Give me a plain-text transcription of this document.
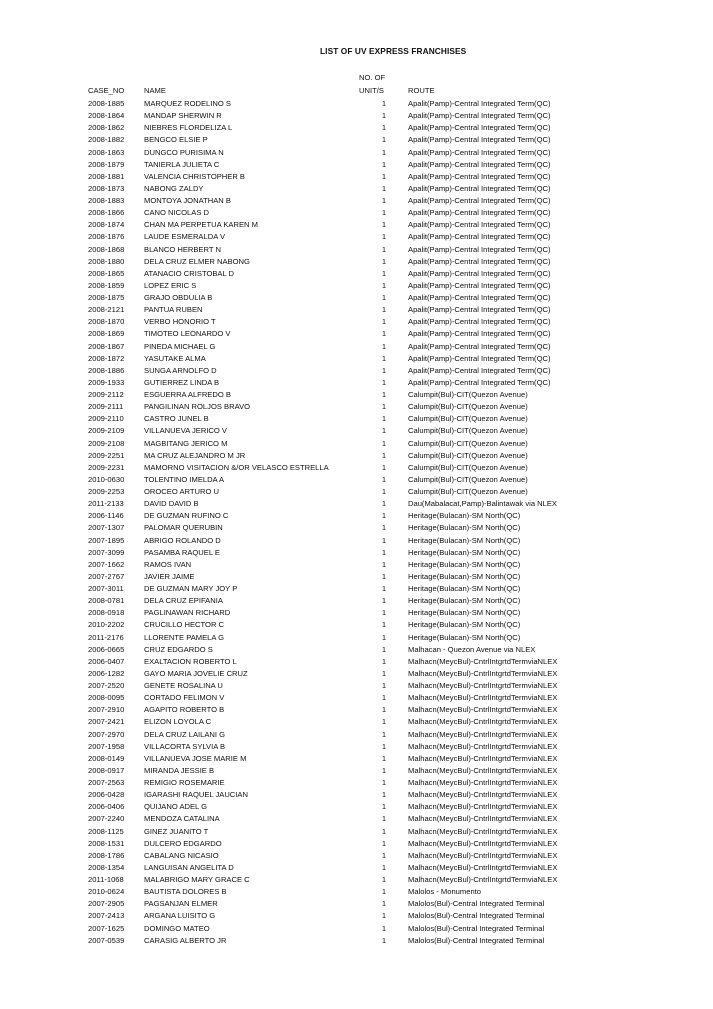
LIST OF UV EXPRESS FRANCHISES
NO. OF
CASE_NO	NAME	UNIT/S	ROUTE
2008-1885	MARQUEZ RODELINO S	1	Apalit(Pamp)-Central Integrated Term(QC)
2008-1864	MANDAP SHERWIN R	1	Apalit(Pamp)-Central Integrated Term(QC)
2008-1862	NIEBRES FLORDELIZA L	1	Apalit(Pamp)-Central Integrated Term(QC)
2008-1882	BENGCO ELSIE P	1	Apalit(Pamp)-Central Integrated Term(QC)
2008-1863	DUNGCO PURISIMA N	1	Apalit(Pamp)-Central Integrated Term(QC)
2008-1879	TANIERLA JULIETA C	1	Apalit(Pamp)-Central Integrated Term(QC)
2008-1881	VALENCIA CHRISTOPHER B	1	Apalit(Pamp)-Central Integrated Term(QC)
2008-1873	NABONG ZALDY	1	Apalit(Pamp)-Central Integrated Term(QC)
2008-1883	MONTOYA JONATHAN B	1	Apalit(Pamp)-Central Integrated Term(QC)
2008-1866	CANO NICOLAS D	1	Apalit(Pamp)-Central Integrated Term(QC)
2008-1874	CHAN MA PERPETUA KAREN M	1	Apalit(Pamp)-Central Integrated Term(QC)
2008-1876	LAUDE ESMERALDA V	1	Apalit(Pamp)-Central Integrated Term(QC)
2008-1868	BLANCO HERBERT N	1	Apalit(Pamp)-Central Integrated Term(QC)
2008-1880	DELA CRUZ ELMER NABONG	1	Apalit(Pamp)-Central Integrated Term(QC)
2008-1865	ATANACIO CRISTOBAL D	1	Apalit(Pamp)-Central Integrated Term(QC)
2008-1859	LOPEZ ERIC S	1	Apalit(Pamp)-Central Integrated Term(QC)
2008-1875	GRAJO OBDULIA B	1	Apalit(Pamp)-Central Integrated Term(QC)
2008-2121	PANTUA RUBEN	1	Apalit(Pamp)-Central Integrated Term(QC)
2008-1870	VERBO HONORIO T	1	Apalit(Pamp)-Central Integrated Term(QC)
2008-1869	TIMOTEO LEONARDO V	1	Apalit(Pamp)-Central Integrated Term(QC)
2008-1867	PINEDA MICHAEL G	1	Apalit(Pamp)-Central Integrated Term(QC)
2008-1872	YASUTAKE ALMA	1	Apalit(Pamp)-Central Integrated Term(QC)
2008-1886	SUNGA ARNOLFO D	1	Apalit(Pamp)-Central Integrated Term(QC)
2009-1933	GUTIERREZ LINDA B	1	Apalit(Pamp)-Central Integrated Term(QC)
2009-2112	ESGUERRA ALFREDO B	1	Calumpit(Bul)-CIT(Quezon Avenue)
2009-2111	PANGILINAN ROLJOS BRAVO	1	Calumpit(Bul)-CIT(Quezon Avenue)
2009-2110	CASTRO JUNEL B	1	Calumpit(Bul)-CIT(Quezon Avenue)
2009-2109	VILLANUEVA JERICO V	1	Calumpit(Bul)-CIT(Quezon Avenue)
2009-2108	MAGBITANG JERICO M	1	Calumpit(Bul)-CIT(Quezon Avenue)
2009-2251	MA CRUZ ALEJANDRO M JR	1	Calumpit(Bul)-CIT(Quezon Avenue)
2009-2231	MAMORNO VISITACION &/OR VELASCO ESTRELLA	1	Calumpit(Bul)-CIT(Quezon Avenue)
2010-0630	TOLENTINO IMELDA A	1	Calumpit(Bul)-CIT(Quezon Avenue)
2009-2253	OROCEO ARTURO U	1	Calumpit(Bul)-CIT(Quezon Avenue)
2011-2133	DAVID DAVID B	1	Dau(Mabalacat,Pamp)-Balintawak via NLEX
2006-1146	DE GUZMAN RUFINO C	1	Heritage(Bulacan)-SM North(QC)
2007-1307	PALOMAR QUERUBIN	1	Heritage(Bulacan)-SM North(QC)
2007-1895	ABRIGO ROLANDO D	1	Heritage(Bulacan)-SM North(QC)
2007-3099	PASAMBA RAQUEL E	1	Heritage(Bulacan)-SM North(QC)
2007-1662	RAMOS IVAN	1	Heritage(Bulacan)-SM North(QC)
2007-2767	JAVIER JAIME	1	Heritage(Bulacan)-SM North(QC)
2007-3011	DE GUZMAN MARY JOY P	1	Heritage(Bulacan)-SM North(QC)
2008-0781	DELA CRUZ EPIFANIA	1	Heritage(Bulacan)-SM North(QC)
2008-0918	PAGLINAWAN RICHARD	1	Heritage(Bulacan)-SM North(QC)
2010-2202	CRUCILLO HECTOR C	1	Heritage(Bulacan)-SM North(QC)
2011-2176	LLORENTE PAMELA G	1	Heritage(Bulacan)-SM North(QC)
2006-0665	CRUZ EDGARDO S	1	Malhacan - Quezon Avenue via NLEX
2006-0407	EXALTACION ROBERTO L	1	Malhacn(MeycBul)-CntrlIntgrtdTermviaNLEX
2006-1282	GAYO MARIA JOVELIE CRUZ	1	Malhacn(MeycBul)-CntrlIntgrtdTermviaNLEX
2007-2520	GENETE ROSALINA U	1	Malhacn(MeycBul)-CntrlIntgrtdTermviaNLEX
2008-0095	CORTADO FELIMON V	1	Malhacn(MeycBul)-CntrlIntgrtdTermviaNLEX
2007-2910	AGAPITO ROBERTO B	1	Malhacn(MeycBul)-CntrlIntgrtdTermviaNLEX
2007-2421	ELIZON LOYOLA C	1	Malhacn(MeycBul)-CntrlIntgrtdTermviaNLEX
2007-2970	DELA CRUZ LAILANI G	1	Malhacn(MeycBul)-CntrlIntgrtdTermviaNLEX
2007-1958	VILLACORTA SYLVIA B	1	Malhacn(MeycBul)-CntrlIntgrtdTermviaNLEX
2008-0149	VILLANUEVA JOSE MARIE M	1	Malhacn(MeycBul)-CntrlIntgrtdTermviaNLEX
2008-0917	MIRANDA JESSIE B	1	Malhacn(MeycBul)-CntrlIntgrtdTermviaNLEX
2007-2563	REMIGIO ROSEMARIE	1	Malhacn(MeycBul)-CntrlIntgrtdTermviaNLEX
2006-0428	IGARASHI RAQUEL JAUCIAN	1	Malhacn(MeycBul)-CntrlIntgrtdTermviaNLEX
2006-0406	QUIJANO ADEL G	1	Malhacn(MeycBul)-CntrlIntgrtdTermviaNLEX
2007-2240	MENDOZA CATALINA	1	Malhacn(MeycBul)-CntrlIntgrtdTermviaNLEX
2008-1125	GINEZ JUANITO T	1	Malhacn(MeycBul)-CntrlIntgrtdTermviaNLEX
2008-1531	DULCERO EDGARDO	1	Malhacn(MeycBul)-CntrlIntgrtdTermviaNLEX
2008-1786	CABALANG NICASIO	1	Malhacn(MeycBul)-CntrlIntgrtdTermviaNLEX
2008-1354	LANGUISAN ANGELITA D	1	Malhacn(MeycBul)-CntrlIntgrtdTermviaNLEX
2011-1068	MALABRIGO MARY GRACE C	1	Malhacn(MeycBul)-CntrlIntgrtdTermviaNLEX
2010-0624	BAUTISTA DOLORES B	1	Malolos - Monumento
2007-2905	PAGSANJAN ELMER	1	Malolos(Bul)-Central Integrated Terminal
2007-2413	ARGANA LUISITO G	1	Malolos(Bul)-Central Integrated Terminal
2007-1625	DOMINGO MATEO	1	Malolos(Bul)-Central Integrated Terminal
2007-0539	CARASIG ALBERTO JR	1	Malolos(Bul)-Central Integrated Terminal
